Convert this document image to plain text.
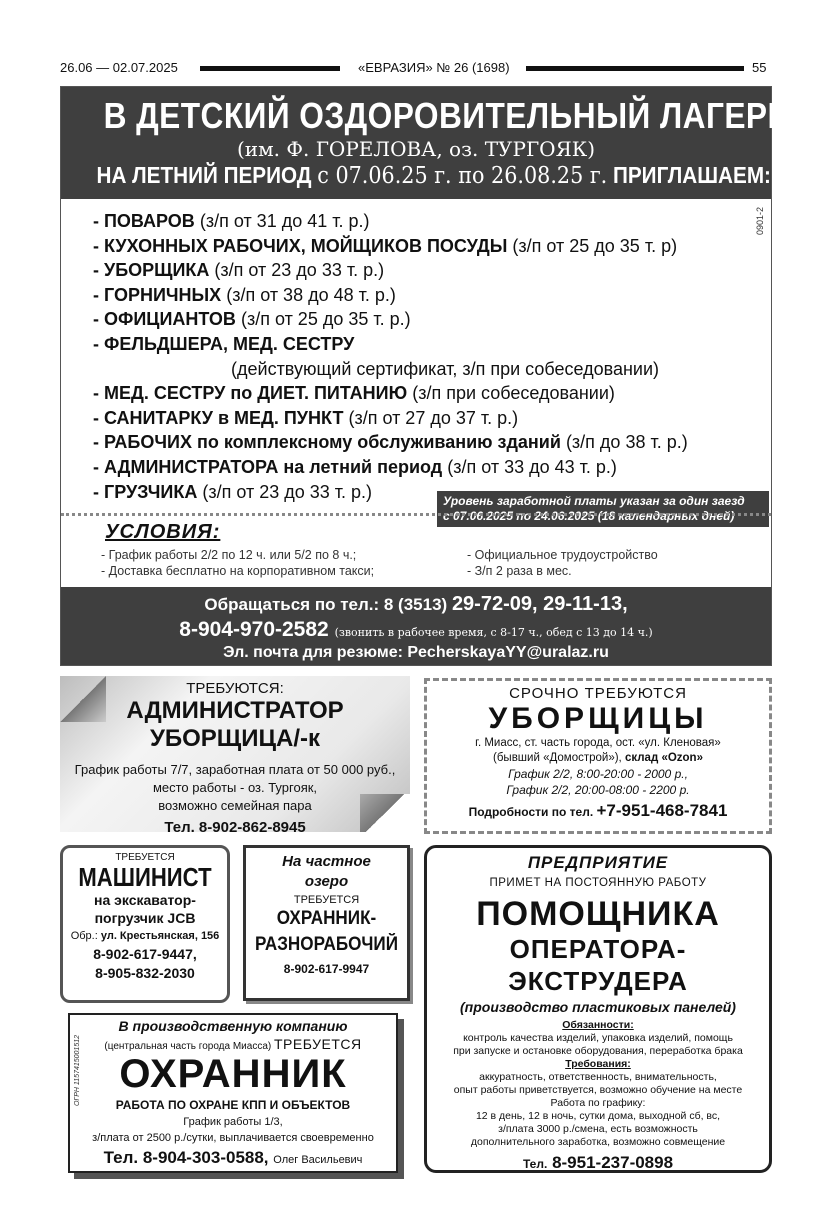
26.06 — 02.07.2025	«ЕВРАЗИЯ» № 26 (1698)	55
В ДЕТСКИЙ ОЗДОРОВИТЕЛЬНЫЙ ЛАГЕРЬ
(им. Ф. ГОРЕЛОВА, оз. ТУРГОЯК)
НА ЛЕТНИЙ ПЕРИОД с 07.06.25 г. по 26.08.25 г. ПРИГЛАШАЕМ:
0901-2
- ПОВАРОВ (з/п от 31 до 41 т. р.)
- КУХОННЫХ РАБОЧИХ, МОЙЩИКОВ ПОСУДЫ (з/п от 25 до 35 т. р)
- УБОРЩИКА (з/п от 23 до 33 т. р.)
- ГОРНИЧНЫХ (з/п от 38 до 48 т. р.)
- ОФИЦИАНТОВ (з/п от 25 до 35 т. р.)
- ФЕЛЬДШЕРА, МЕД. СЕСТРУ
(действующий сертификат, з/п при собеседовании)
- МЕД. СЕСТРУ по ДИЕТ. ПИТАНИЮ (з/п при собеседовании)
- САНИТАРКУ в МЕД. ПУНКТ (з/п от 27 до 37 т. р.)
- РАБОЧИХ по комплексному обслуживанию зданий (з/п до 38 т. р.)
- АДМИНИСТРАТОРА на летний период (з/п от 33 до 43 т. р.)
- ГРУЗЧИКА (з/п от 23 до 33 т. р.)	Уровень заработной платы указан за один заезд
с 07.06.2025 по 24.06.2025 (18 календарных дней)
УСЛОВИЯ:
- График работы 2/2 по 12 ч. или 5/2 по 8 ч.;
- Доставка бесплатно на корпоративном такси;
- Официальное трудоустройство
- З/п 2 раза в мес.
Обращаться по тел.: 8 (3513) 29-72-09, 29-11-13,
8-904-970-2582 (звонить в рабочее время, с 8-17 ч., обед с 13 до 14 ч.)
Эл. почта для резюме: PecherskayaYY@uralaz.ru
ТРЕБУЮТСЯ:
АДМИНИСТРАТОР
УБОРЩИЦА/-к
График работы 7/7, заработная плата от 50 000 руб.,
место работы - оз. Тургояк,
возможно семейная пара
Тел. 8-902-862-8945
СРОЧНО ТРЕБУЮТСЯ
УБОРЩИЦЫ
г. Миасс, ст. часть города, ост. «ул. Кленовая»
(бывший «Домострой»), склад «Ozon»
График 2/2, 8:00-20:00 - 2000 р.,
График 2/2, 20:00-08:00 - 2200 р.
Подробности по тел. +7-951-468-7841
ТРЕБУЕТСЯ
МАШИНИСТ
на экскаватор-
погрузчик JCB
Обр.: ул. Крестьянская, 156
8-902-617-9447,
8-905-832-2030
На частное
озеро
ТРЕБУЕТСЯ
ОХРАННИК-
РАЗНОРАБОЧИЙ
8-902-617-9947
ПРЕДПРИЯТИЕ
ПРИМЕТ НА ПОСТОЯННУЮ РАБОТУ
ПОМОЩНИКА
ОПЕРАТОРА-
ЭКСТРУДЕРА
(производство пластиковых панелей)
Обязанности:
контроль качества изделий, упаковка изделий, помощь
при запуске и остановке оборудования, переработка брака
Требования:
аккуратность, ответственность, внимательность,
опыт работы приветствуется, возможно обучение на месте
Работа по графику:
12 в день, 12 в ночь, сутки дома, выходной сб, вс,
з/плата 3000 р./смена, есть возможность
дополнительного заработка, возможно совмещение
Тел. 8-951-237-0898
ОГРН 1157415001512
В производственную компанию
(центральная часть города Миасса) ТРЕБУЕТСЯ
ОХРАННИК
РАБОТА ПО ОХРАНЕ КПП И ОБЪЕКТОВ
График работы 1/3,
з/плата от 2500 р./сутки, выплачивается своевременно
Тел. 8-904-303-0588, Олег Васильевич
